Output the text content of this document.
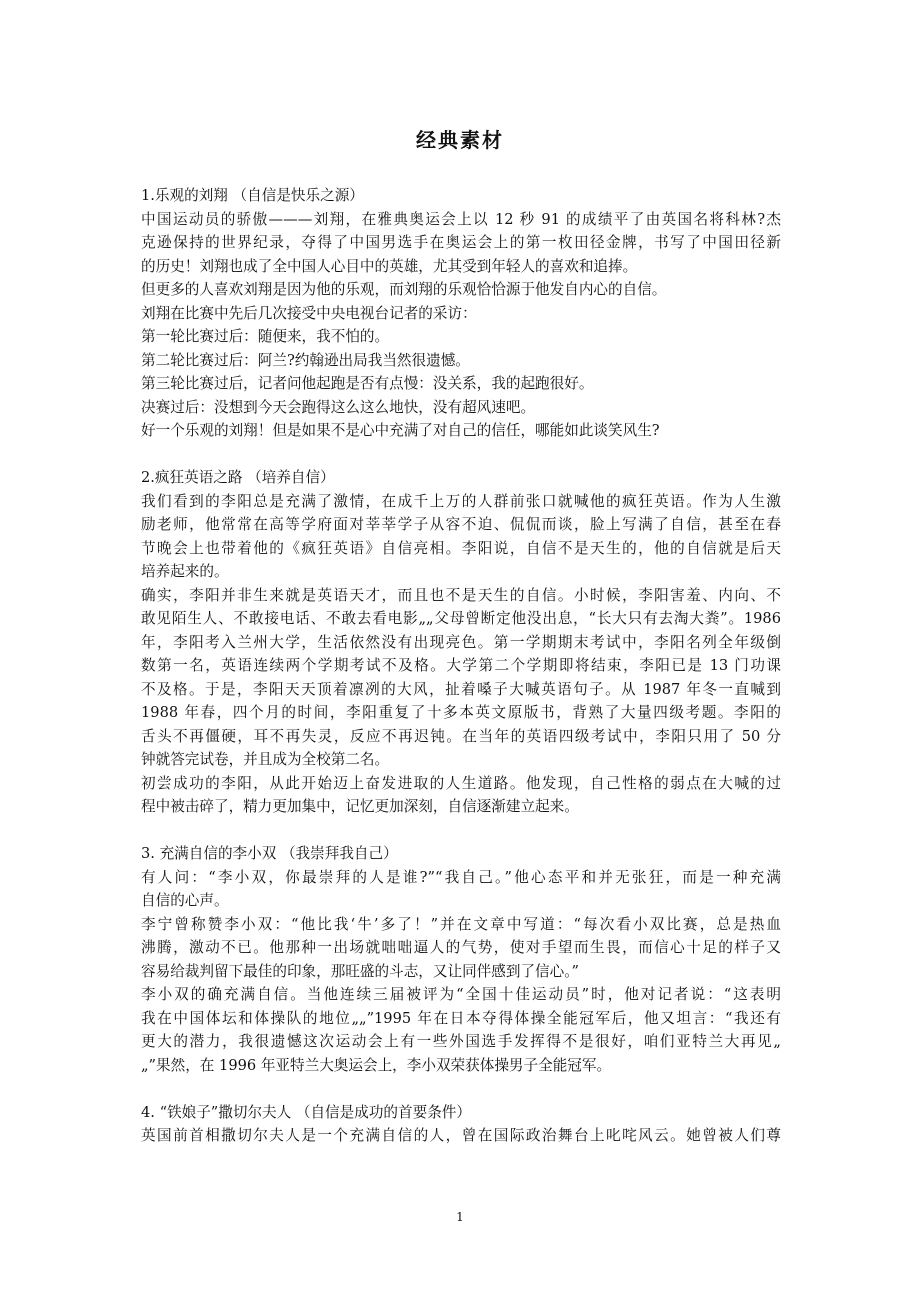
经典素材
1.乐观的刘翔 （自信是快乐之源）
中国运动员的骄傲———刘翔，在雅典奥运会上以 12 秒 91 的成绩平了由英国名将科林?杰
克逊保持的世界纪录，夺得了中国男选手在奥运会上的第一枚田径金牌，书写了中国田径新
的历史！刘翔也成了全中国人心目中的英雄，尤其受到年轻人的喜欢和追捧。
但更多的人喜欢刘翔是因为他的乐观，而刘翔的乐观恰恰源于他发自内心的自信。
刘翔在比赛中先后几次接受中央电视台记者的采访：
第一轮比赛过后：随便来，我不怕的。
第二轮比赛过后：阿兰?约翰逊出局我当然很遗憾。
第三轮比赛过后，记者问他起跑是否有点慢：没关系，我的起跑很好。
决赛过后：没想到今天会跑得这么这么地快，没有超风速吧。
好一个乐观的刘翔！但是如果不是心中充满了对自己的信任，哪能如此谈笑风生?
2.疯狂英语之路 （培养自信）
我们看到的李阳总是充满了激情，在成千上万的人群前张口就喊他的疯狂英语。作为人生激
励老师，他常常在高等学府面对莘莘学子从容不迫、侃侃而谈，脸上写满了自信，甚至在春
节晚会上也带着他的《疯狂英语》自信亮相。李阳说，自信不是天生的，他的自信就是后天
培养起来的。
确实，李阳并非生来就是英语天才，而且也不是天生的自信。小时候，李阳害羞、内向、不
敢见陌生人、不敢接电话、不敢去看电影„„父母曾断定他没出息，“长大只有去淘大粪”。1986
年，李阳考入兰州大学，生活依然没有出现亮色。第一学期期末考试中，李阳名列全年级倒
数第一名，英语连续两个学期考试不及格。大学第二个学期即将结束，李阳已是 13 门功课
不及格。于是，李阳天天顶着凛冽的大风，扯着嗓子大喊英语句子。从 1987 年冬一直喊到
1988 年春，四个月的时间，李阳重复了十多本英文原版书，背熟了大量四级考题。李阳的
舌头不再僵硬，耳不再失灵，反应不再迟钝。在当年的英语四级考试中，李阳只用了 50 分
钟就答完试卷，并且成为全校第二名。
初尝成功的李阳，从此开始迈上奋发进取的人生道路。他发现，自己性格的弱点在大喊的过
程中被击碎了，精力更加集中，记忆更加深刻，自信逐渐建立起来。
3. 充满自信的李小双 （我崇拜我自己）
有人问：“李小双，你最崇拜的人是谁?”“我自己。”他心态平和并无张狂，而是一种充满
自信的心声。
李宁曾称赞李小双：“他比我‘牛’多了！”并在文章中写道：“每次看小双比赛，总是热血
沸腾，激动不已。他那种一出场就咄咄逼人的气势，使对手望而生畏，而信心十足的样子又
容易给裁判留下最佳的印象，那旺盛的斗志，又让同伴感到了信心。”
李小双的确充满自信。当他连续三届被评为“全国十佳运动员”时，他对记者说：“这表明
我在中国体坛和体操队的地位„„”1995 年在日本夺得体操全能冠军后，他又坦言：“我还有
更大的潜力，我很遗憾这次运动会上有一些外国选手发挥得不是很好，咱们亚特兰大再见„
„”果然，在 1996 年亚特兰大奥运会上，李小双荣获体操男子全能冠军。
4. “铁娘子”撒切尔夫人 （自信是成功的首要条件）
英国前首相撒切尔夫人是一个充满自信的人，曾在国际政治舞台上叱咤风云。她曾被人们尊
1
